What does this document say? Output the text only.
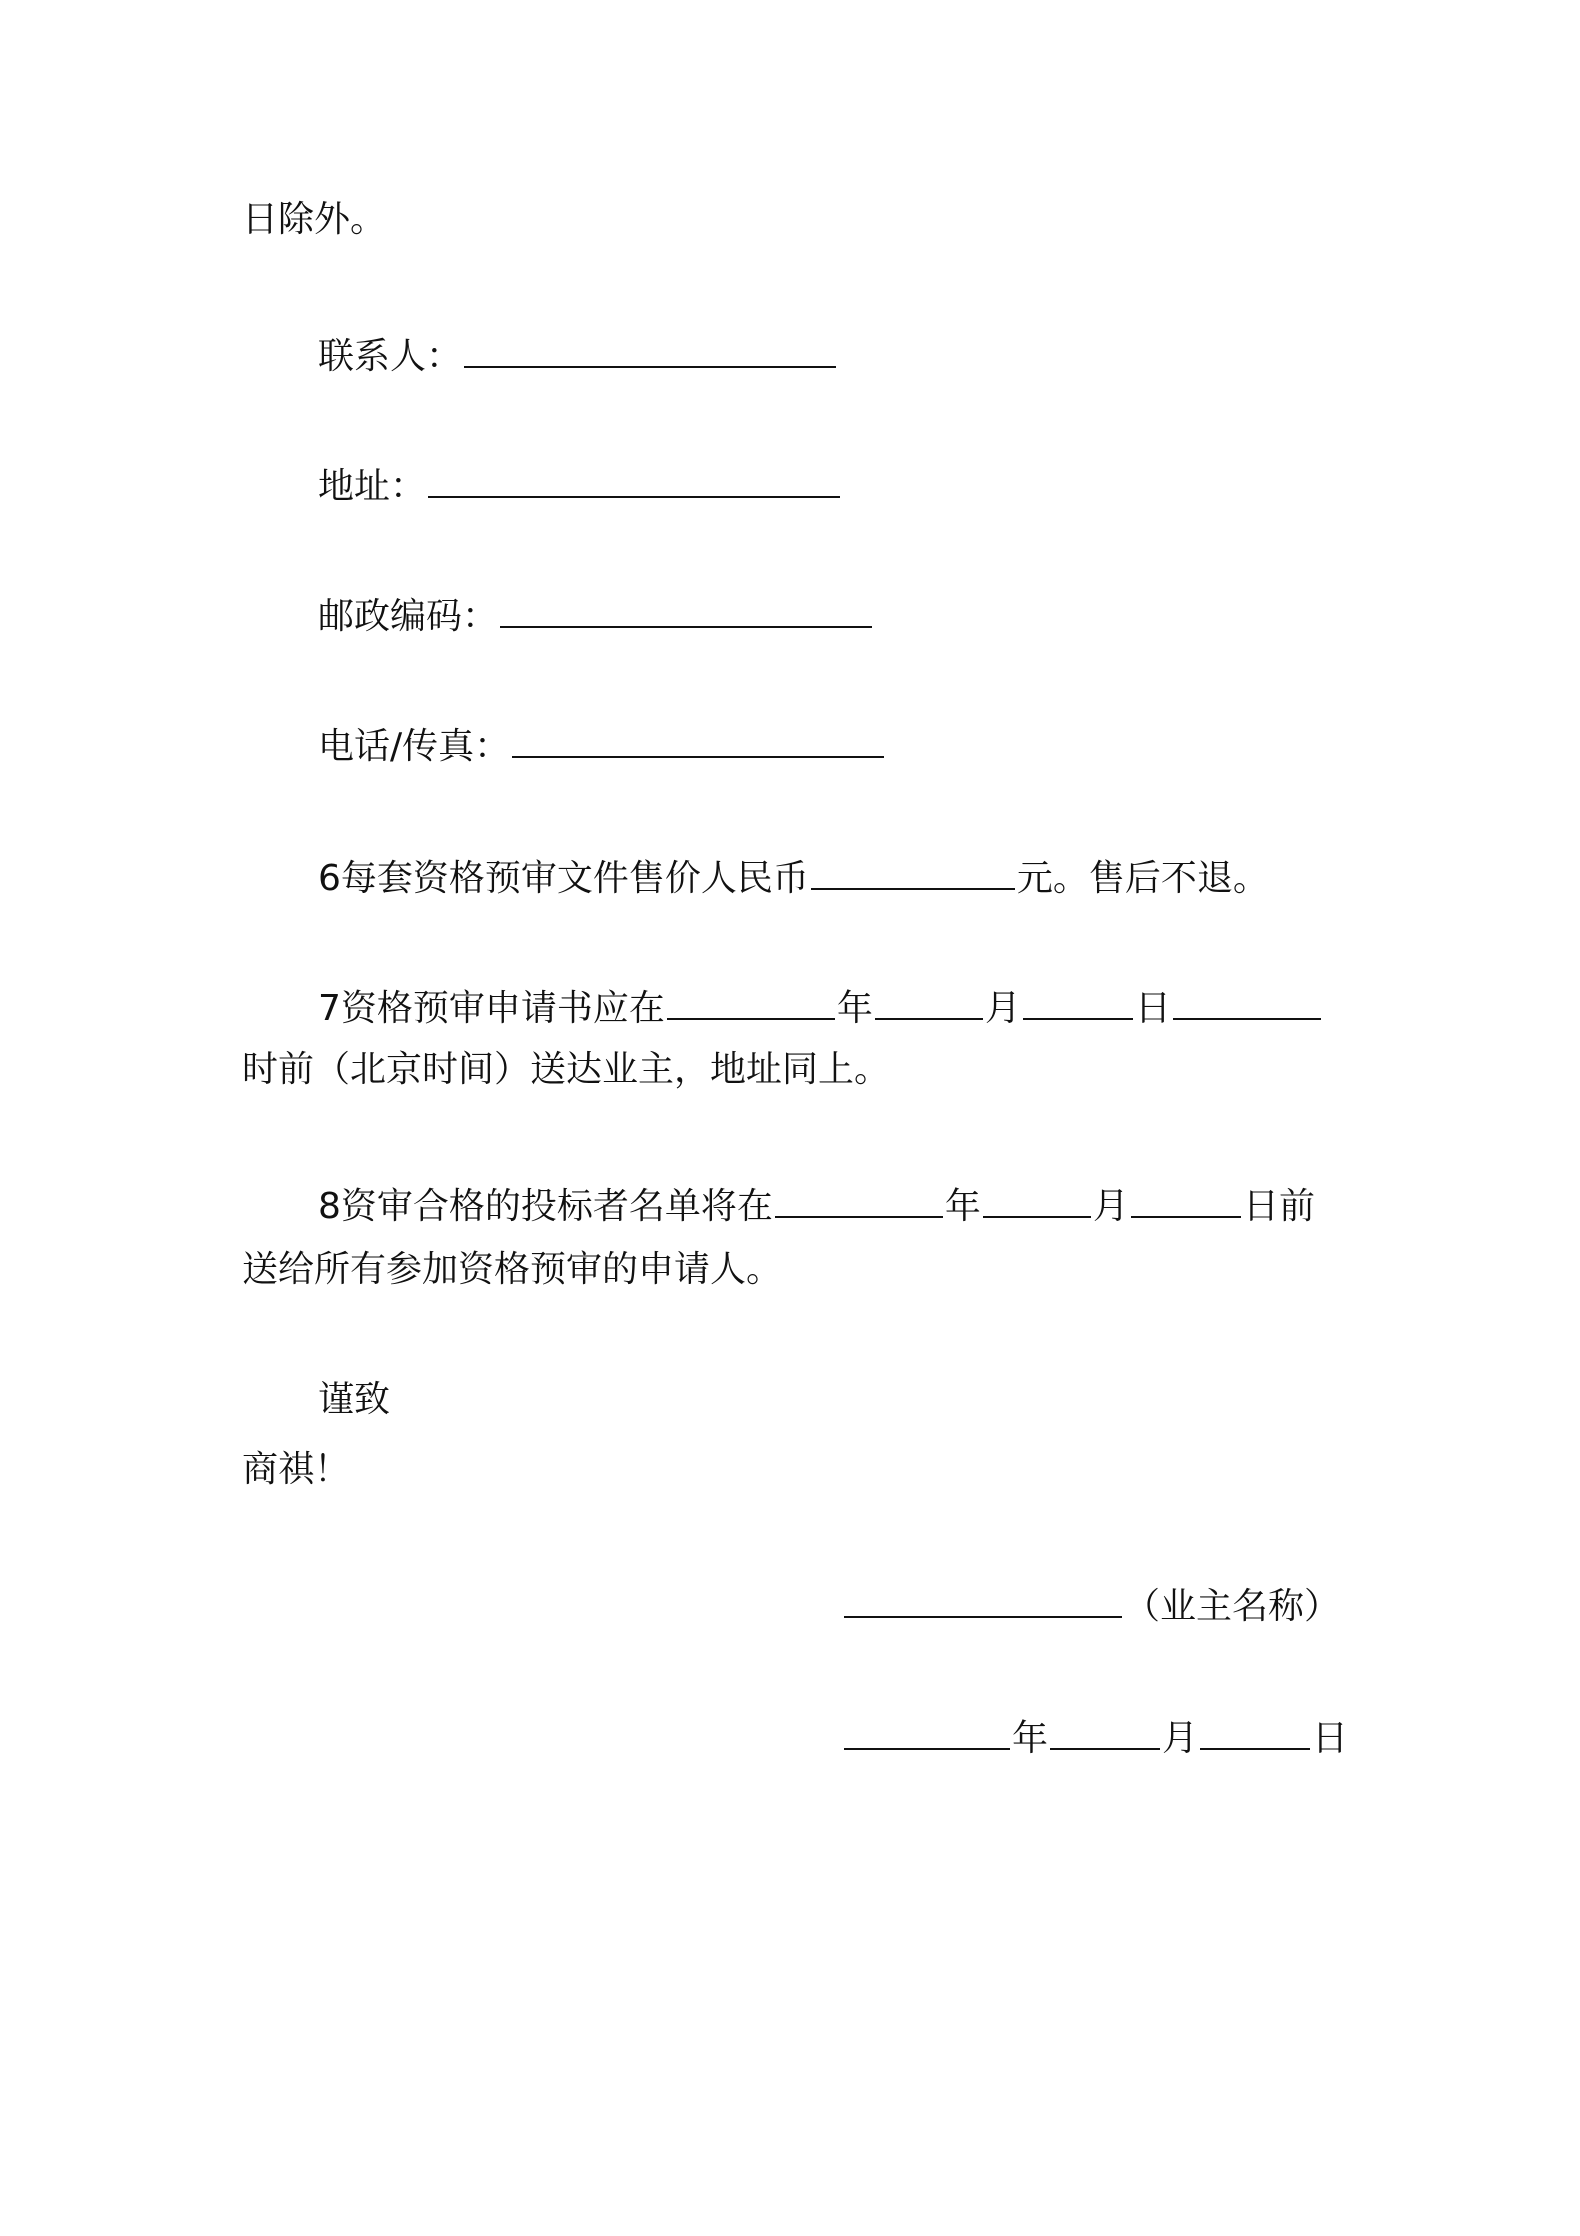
日除外。
联系人：
地址：
邮政编码：
电话/传真：
6每套资格预审文件售价人民币	元。售后不退。
7资格预审申请书应在	年	月	日
时前（北京时间）送达业主，地址同上。
8资审合格的投标者名单将在	年	月	日前
送给所有参加资格预审的申请人。
谨致
商祺！
（业主名称）
年	月	日
